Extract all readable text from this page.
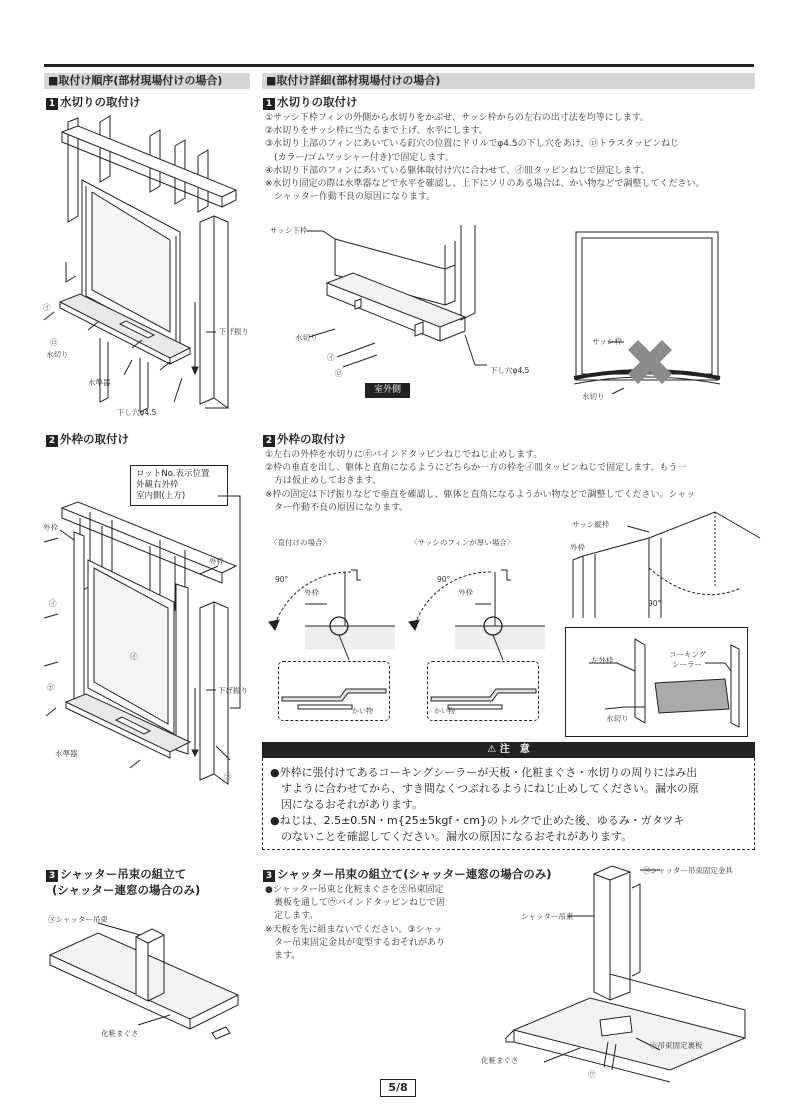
■取付け順序(部材現場付けの場合)	■取付け詳細(部材現場付けの場合)
1 水切りの取付け	1 水切りの取付け

①サッシ下枠フィンの外側から水切りをかぶせ、サッシ枠からの左右の出寸法を均等にします。

②水切りをサッシ枠に当たるまで上げ、水平にします。

③水切り上部のフィンにあいている釘穴の位置にドリルでφ4.5の下し穴をあけ、㋺トラスタッピンねじ

　(カラー/ゴムワッシャー付き)で固定します。

④水切り下部のフィンにあいている躯体取付け穴に合わせて、㋑皿タッピンねじで固定します。

※水切り固定の際は水準器などで水平を確認し、上下にソリのある場合は、かい物などで調整してください。

　シャッター作動不良の原因になります。

㋑
㋺
水切り
下げ振り
水準器
下し穴φ4.5
サッシ下枠
水切り
㋑
㋺	下し穴φ4.5
室外側
サッシ枠
水切り
2 外枠の取付け	2 外枠の取付け

①左右の外枠を水切りに㋭バインドタッピンねじでねじ止めします。

②枠の垂直を出し、躯体と直角になるようにどちらか一方の枠を㋑皿タッピンねじで固定します。もう一

　方は仮止めしておきます。

※枠の固定は下げ振りなどで垂直を確認し、躯体と直角になるようかい物などで調整してください。シャッ

　ター作動不良の原因になります。

ロットNo.表示位置
外観右外枠
室内側(上方)
外枠
外枠
㋑
㋑
㋭	下げ振り
水準器
㋭
〈直付けの場合〉	〈サッシのフィンが厚い場合〉
90°
外枠
90°
外枠
かい物	かい物
サッシ縦枠
外枠
90°
左外枠
コーキング
シーラー
水切り
⚠ 注　意
●外枠に張付けてあるコーキングシーラーが天板・化粧まぐさ・水切りの周りにはみ出
　すように合わせてから、すき間なくつぶれるようにねじ止めしてください。漏水の原
　因になるおそれがあります。
●ねじは、2.5±0.5N・m{25±5kgf・cm}のトルクで止めた後、ゆるみ・ガタツキ
　のないことを確認してください。漏水の原因になるおそれがあります。
3 シャッター吊束の組立て
(シャッター連窓の場合のみ)
3 シャッター吊束の組立て(シャッター連窓の場合のみ)

●シャッター吊束と化粧まぐさを㋕吊束固定

　裏板を通して㋒バインドタッピンねじで固

　定します。

※天板を先に組まないでください。③シャッ

　ター吊束固定金具が変型するおそれがあり

　ます。

㋦シャッター吊束
化粧まぐさ
㋦シャッター吊束固定金具
シャッター吊束
㋕吊束固定裏板
化粧まぐさ
㋻
5/8
